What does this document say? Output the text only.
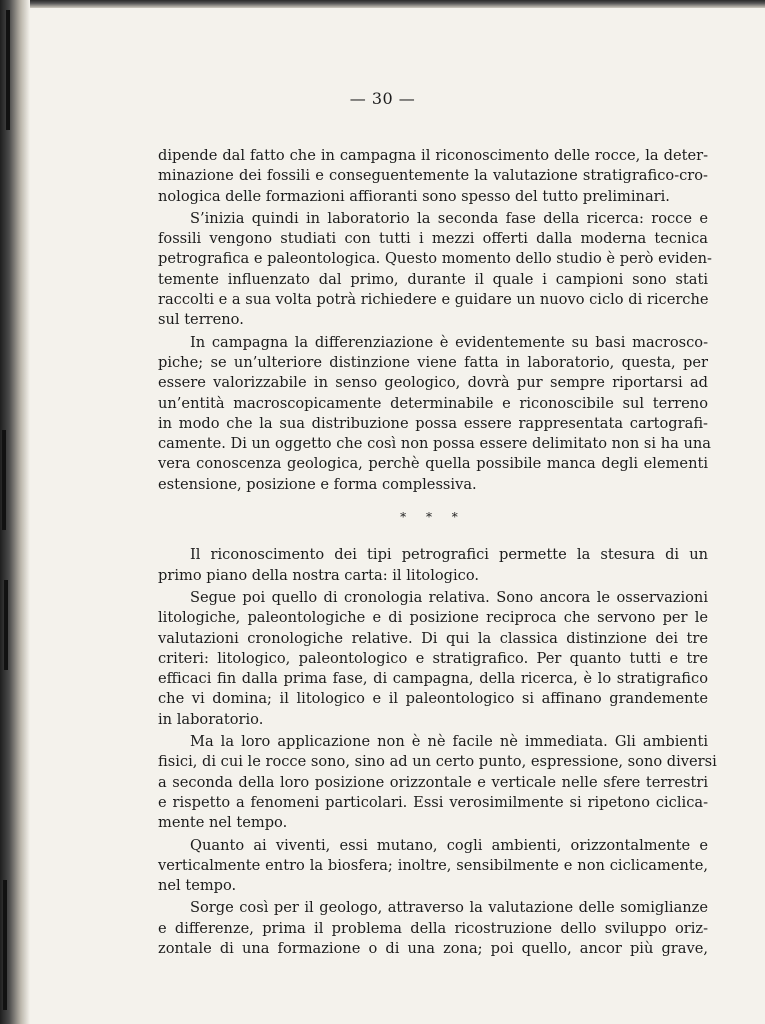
— 30 —
dipende dal fatto che in campagna il riconoscimento delle rocce, la deter-
minazione dei fossili e conseguentemente la valutazione stratigrafico-cro-
nologica delle formazioni affioranti sono spesso del tutto preliminari.
S’inizia quindi in laboratorio la seconda fase della ricerca: rocce e
fossili vengono studiati con tutti i mezzi offerti dalla moderna tecnica
petrografica e paleontologica. Questo momento dello studio è però eviden-
temente influenzato dal primo, durante il quale i campioni sono stati
raccolti e a sua volta potrà richiedere e guidare un nuovo ciclo di ricerche
sul terreno.
In campagna la differenziazione è evidentemente su basi macrosco-
piche; se un’ulteriore distinzione viene fatta in laboratorio, questa, per
essere valorizzabile in senso geologico, dovrà pur sempre riportarsi ad
un’entità macroscopicamente determinabile e riconoscibile sul terreno
in modo che la sua distribuzione possa essere rappresentata cartografi-
camente. Di un oggetto che così non possa essere delimitato non si ha una
vera conoscenza geologica, perchè quella possibile manca degli elementi
estensione, posizione e forma complessiva.
* * *
Il riconoscimento dei tipi petrografici permette la stesura di un
primo piano della nostra carta: il litologico.
Segue poi quello di cronologia relativa. Sono ancora le osservazioni
litologiche, paleontologiche e di posizione reciproca che servono per le
valutazioni cronologiche relative. Di qui la classica distinzione dei tre
criteri: litologico, paleontologico e stratigrafico. Per quanto tutti e tre
efficaci fin dalla prima fase, di campagna, della ricerca, è lo stratigrafico
che vi domina; il litologico e il paleontologico si affinano grandemente
in laboratorio.
Ma la loro applicazione non è nè facile nè immediata. Gli ambienti
fisici, di cui le rocce sono, sino ad un certo punto, espressione, sono diversi
a seconda della loro posizione orizzontale e verticale nelle sfere terrestri
e rispetto a fenomeni particolari. Essi verosimilmente si ripetono ciclica-
mente nel tempo.
Quanto ai viventi, essi mutano, cogli ambienti, orizzontalmente e
verticalmente entro la biosfera; inoltre, sensibilmente e non ciclicamente,
nel tempo.
Sorge così per il geologo, attraverso la valutazione delle somiglianze
e differenze, prima il problema della ricostruzione dello sviluppo oriz-
zontale di una formazione o di una zona; poi quello, ancor più grave,
